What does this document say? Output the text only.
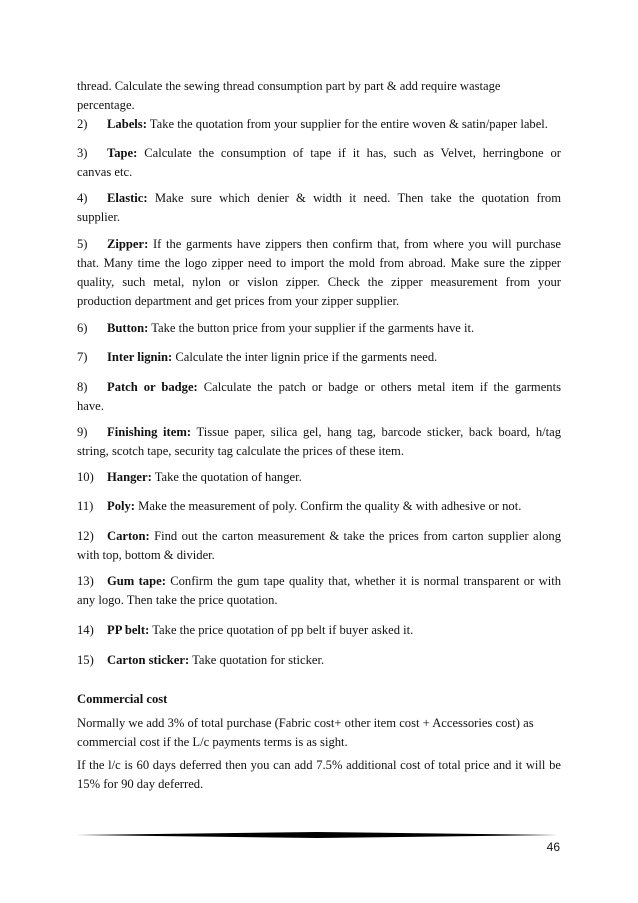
thread. Calculate the sewing thread consumption part by part & add require wastage
percentage.

2) Labels: Take the quotation from your supplier for the entire woven & satin/paper label.

3) Tape: Calculate the consumption of tape if it has, such as Velvet, herringbone or
canvas etc.
4) Elastic: Make sure which denier & width it need. Then take the quotation from
supplier.
5) Zipper: If the garments have zippers then confirm that, from where you will purchase
that. Many time the logo zipper need to import the mold from abroad. Make sure the zipper
quality, such metal, nylon or vislon zipper. Check the zipper measurement from your
production department and get prices from your zipper supplier.

6) Button: Take the button price from your supplier if the garments have it.

7) Inter lignin: Calculate the inter lignin price if the garments need.

8) Patch or badge: Calculate the patch or badge or others metal item if the garments
have.
9) Finishing item: Tissue paper, silica gel, hang tag, barcode sticker, back board, h/tag
string, scotch tape, security tag calculate the prices of these item.

10) Hanger: Take the quotation of hanger.

11) Poly: Make the measurement of poly. Confirm the quality & with adhesive or not.

12) Carton: Find out the carton measurement & take the prices from carton supplier along
with top, bottom & divider.
13) Gum tape: Confirm the gum tape quality that, whether it is normal transparent or with
any logo. Then take the price quotation.

14) PP belt: Take the price quotation of pp belt if buyer asked it.

15) Carton sticker: Take quotation for sticker.

Commercial cost

Normally we add 3% of total purchase (Fabric cost+ other item cost + Accessories cost) as
commercial cost if the L/c payments terms is as sight.

If the l/c is 60 days deferred then you can add 7.5% additional cost of total price and it will be
15% for 90 day deferred.
46
